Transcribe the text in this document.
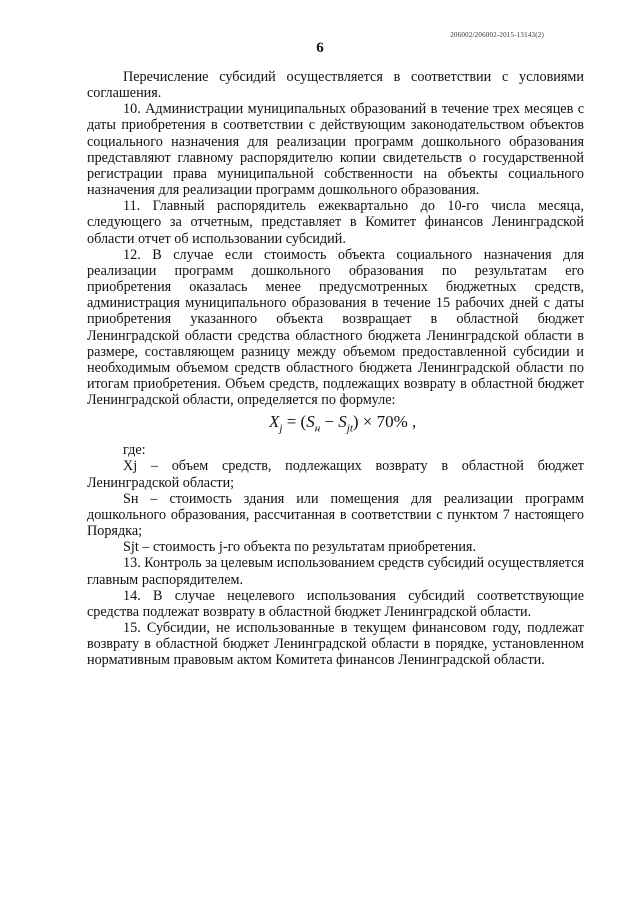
206002/206002-2015-13143(2)
6

Перечисление субсидий осуществляется в соответствии с условиями соглашения.

10. Администрации муниципальных образований в течение трех месяцев с даты приобретения в соответствии с действующим законодательством объектов социального назначения для реализации программ дошкольного образования представляют главному распорядителю копии свидетельств о государственной регистрации права муниципальной собственности на объекты социального назначения для реализации программ дошкольного образования.

11. Главный распорядитель ежеквартально до 10-го числа месяца, следующего за отчетным, представляет в Комитет финансов Ленинградской области отчет об использовании субсидий.

12. В случае если стоимость объекта социального назначения для реализации программ дошкольного образования по результатам его приобретения оказалась менее предусмотренных бюджетных средств, администрация муниципального образования в течение 15 рабочих дней с даты приобретения указанного объекта возвращает в областной бюджет Ленинградской области средства областного бюджета Ленинградской области в размере, составляющем разницу между объемом предоставленной субсидии и необходимым объемом средств областного бюджета Ленинградской области по итогам приобретения. Объем средств, подлежащих возврату в областной бюджет Ленинградской области, определяется по формуле:

$X_j = (S_н - S_{jt}) \times 70\%$ ,

где:

Xj – объем средств, подлежащих возврату в областной бюджет Ленинградской области;

Sн – стоимость здания или помещения для реализации программ дошкольного образования, рассчитанная в соответствии с пунктом 7 настоящего Порядка;

Sjt – стоимость j-го объекта по результатам приобретения.

13. Контроль за целевым использованием средств субсидий осуществляется главным распорядителем.

14. В случае нецелевого использования субсидий соответствующие средства подлежат возврату в областной бюджет Ленинградской области.

15. Субсидии, не использованные в текущем финансовом году, подлежат возврату в областной бюджет Ленинградской области в порядке, установленном нормативным правовым актом Комитета финансов Ленинградской области.
